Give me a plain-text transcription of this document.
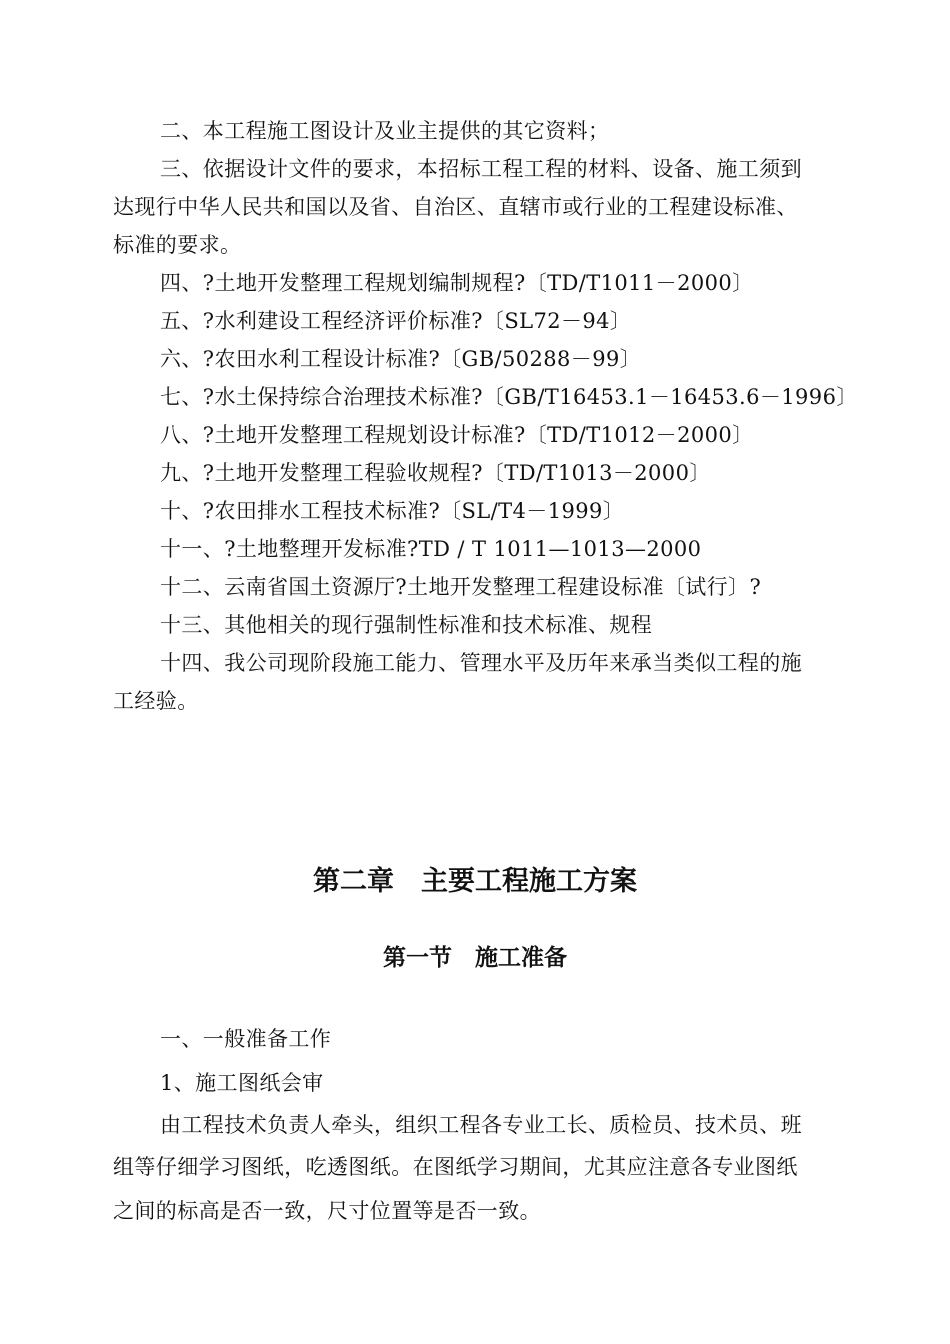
二、本工程施工图设计及业主提供的其它资料；
三、依据设计文件的要求，本招标工程工程的材料、设备、施工须到
达现行中华人民共和国以及省、自治区、直辖市或行业的工程建设标准、
标准的要求。
四、?土地开发整理工程规划编制规程?〔TD/T1011－2000〕
五、?水利建设工程经济评价标准?〔SL72－94〕
六、?农田水利工程设计标准?〔GB/50288－99〕
七、?水土保持综合治理技术标准?〔GB/T16453.1－16453.6－1996〕
八、?土地开发整理工程规划设计标准?〔TD/T1012－2000〕
九、?土地开发整理工程验收规程?〔TD/T1013－2000〕
十、?农田排水工程技术标准?〔SL/T4－1999〕
十一、?土地整理开发标准?TD / T 1011—1013—2000
十二、云南省国土资源厅?土地开发整理工程建设标准〔试行〕?
十三、其他相关的现行强制性标准和技术标准、规程
十四、我公司现阶段施工能力、管理水平及历年来承当类似工程的施
工经验。
第二章　主要工程施工方案
第一节　施工准备
一、一般准备工作
1、施工图纸会审
由工程技术负责人牵头，组织工程各专业工长、质检员、技术员、班
组等仔细学习图纸，吃透图纸。在图纸学习期间，尤其应注意各专业图纸
之间的标高是否一致，尺寸位置等是否一致。
